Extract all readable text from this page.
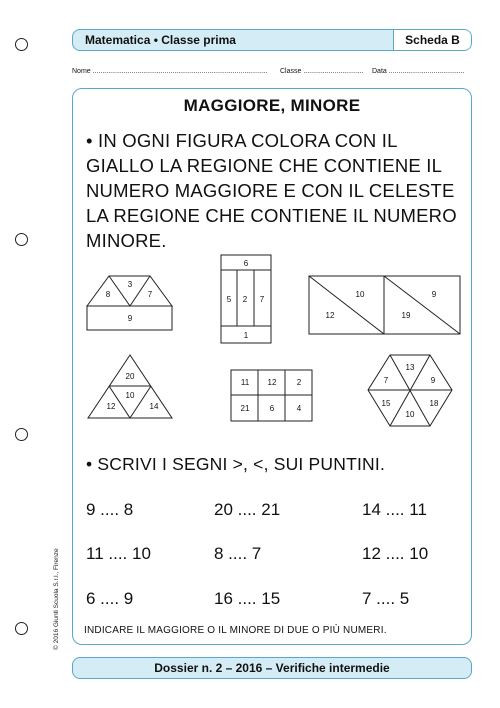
Matematica • Classe prima	Scheda B
Nome .......................................................................................... Classe ............................... Data .......................................
MAGGIORE, MINORE
• IN OGNI FIGURA COLORA CON IL GIALLO LA REGIONE CHE CONTIENE IL NUMERO MAGGIORE E CON IL CELESTE LA REGIONE CHE CONTIENE IL NUMERO MINORE.
8
3
7
9
6
5 2 7
1
10
12
9
19
20
10
12	14
11 12	2
21	6	4
13
7	9
15	18
10
• SCRIVI I SEGNI >, <, SUI PUNTINI.
9 .... 8	20 .... 21	14 .... 11
11 .... 10	8 .... 7	12 .... 10
6 .... 9	16 .... 15	7 .... 5
INDICARE IL MAGGIORE O IL MINORE DI DUE O PIÙ NUMERI.
© 2016 Giunti Scuola S.r.l., Firenze
Dossier n. 2 – 2016 – Verifiche intermedie
